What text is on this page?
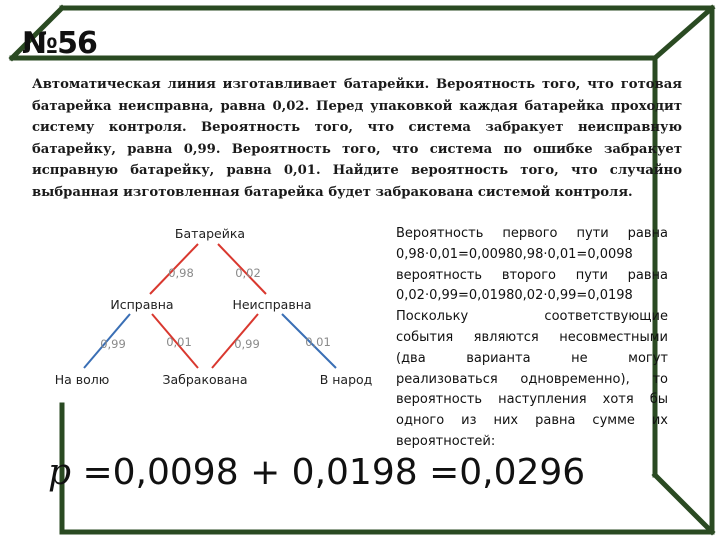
№56
Автоматическая линия изготавливает батарейки. Вероятность того, что готовая батарейка неисправна, равна 0,02. Перед упаковкой каждая батарейка проходит систему контроля. Вероятность того, что система забракует неисправную батарейку, равна 0,99. Вероятность того, что система по ошибке забракует исправную батарейку, равна 0,01. Найдите вероятность того, что случайно выбранная изготовленная батарейка будет забракована системой контроля.
Батарейка
Исправна	Неисправна
На волю	Забракована	В народ
0,98	0,02
0,99	0,01	0,99	0,01
Вероятность первого пути равна
0,98·0,01=0,00980,98·0,01=0,0098
вероятность второго пути равна
0,02·0,99=0,01980,02·0,99=0,0198
Поскольку соответствующие
события являются несовместными
(два варианта не могут
реализоваться одновременно), то
вероятность наступления хотя бы
одного из них равна сумме их
вероятностей:
p =0,0098 + 0,0198 =0,0296
